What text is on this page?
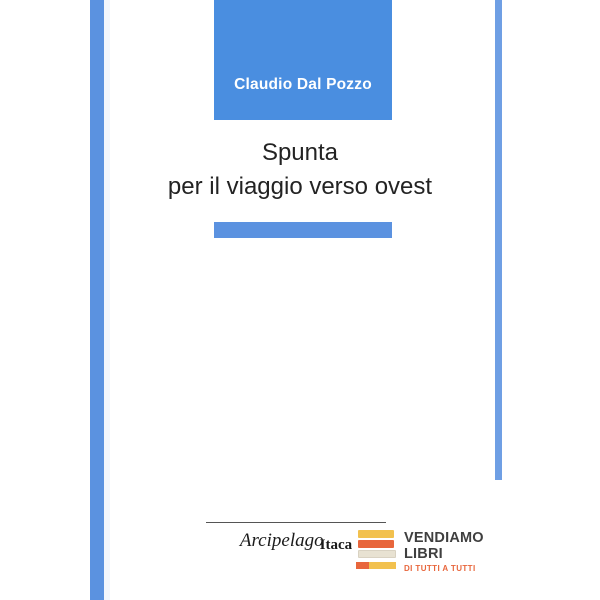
Claudio Dal Pozzo
Spunta
per il viaggio verso ovest
ArcipelagoItaca	VENDIAMO
LIBRI
DI TUTTI A TUTTI
